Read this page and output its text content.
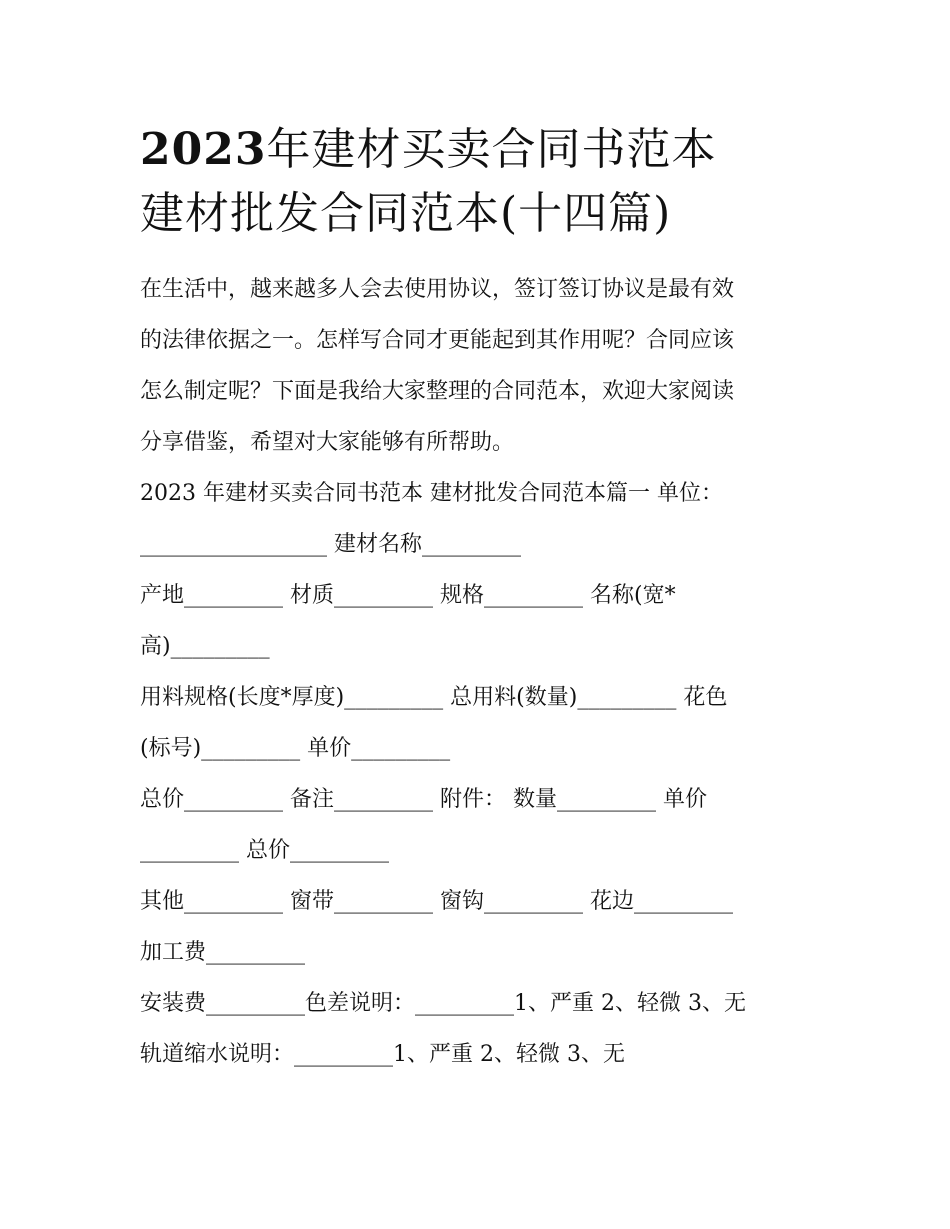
2023年建材买卖合同书范本
建材批发合同范本(十四篇)
在生活中，越来越多人会去使用协议，签订签订协议是最有效
的法律依据之一。怎样写合同才更能起到其作用呢？合同应该
怎么制定呢？下面是我给大家整理的合同范本，欢迎大家阅读
分享借鉴，希望对大家能够有所帮助。
2023 年建材买卖合同书范本 建材批发合同范本篇一 单位：
_________________ 建材名称_________
产地_________ 材质_________ 规格_________ 名称(宽*
高)_________
用料规格(长度*厚度)_________ 总用料(数量)_________ 花色
(标号)_________ 单价_________
总价_________ 备注_________ 附件： 数量_________ 单价
_________ 总价_________
其他_________ 窗带_________ 窗钩_________ 花边_________
加工费_________
安装费_________色差说明：_________1、严重 2、轻微 3、无
轨道缩水说明：_________1、严重 2、轻微 3、无
